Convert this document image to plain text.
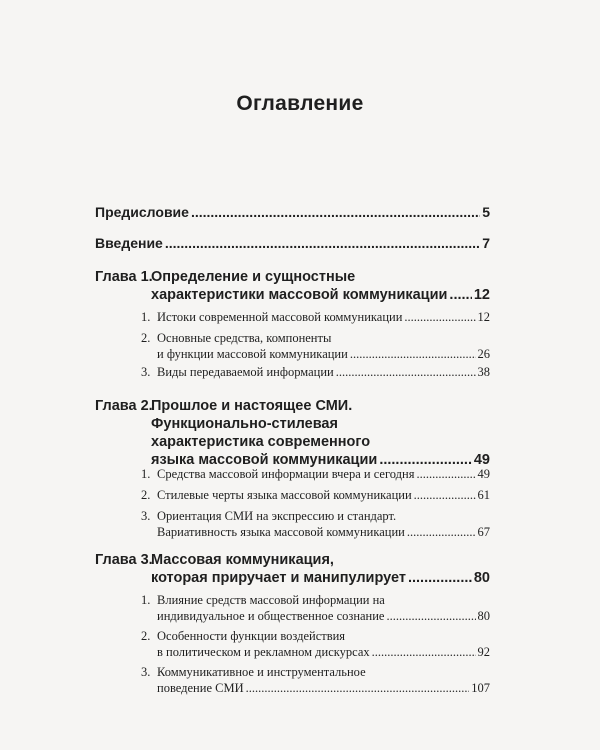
Оглавление
Предисловие .....	5
Введение .....	7
Глава 1.
Определение и сущностные
характеристики массовой коммуникации ..... 12
1. Истоки современной массовой коммуникации .....	12
2. Основные средства, компоненты
и функции массовой коммуникации .....	26
3. Виды передаваемой информации .....	38
Глава 2.
Прошлое и настоящее СМИ.
Функционально-стилевая
характеристика современного
языка массовой коммуникации .....	49
1. Средства массовой информации вчера и сегодня .....	49
2. Стилевые черты языка массовой коммуникации .....	61
3. Ориентация СМИ на экспрессию и стандарт.
Вариативность языка массовой коммуникации .....	67
Глава 3.
Массовая коммуникация,
которая приручает и манипулирует .....	80
1. Влияние средств массовой информации на
индивидуальное и общественное сознание .....	80
2. Особенности функции воздействия
в политическом и рекламном дискурсах .....	92
3. Коммуникативное и инструментальное
поведение СМИ .....	107
